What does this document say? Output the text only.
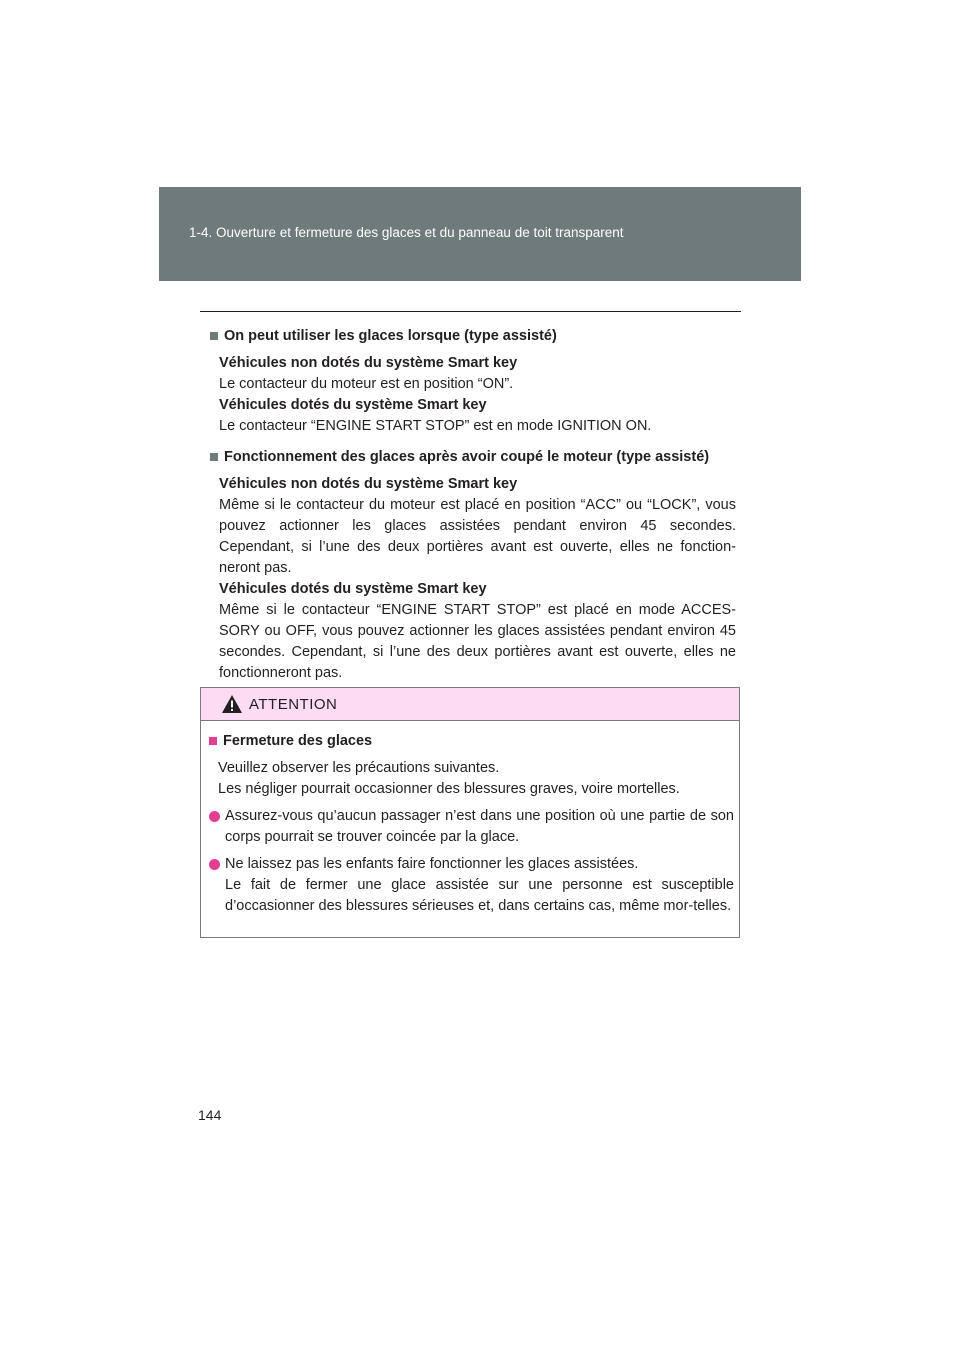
1-4. Ouverture et fermeture des glaces et du panneau de toit transparent
On peut utiliser les glaces lorsque (type assisté)

Véhicules non dotés du système Smart key

Le contacteur du moteur est en position “ON”.

Véhicules dotés du système Smart key

Le contacteur “ENGINE START STOP” est en mode IGNITION ON.

Fonctionnement des glaces après avoir coupé le moteur (type assisté)

Véhicules non dotés du système Smart key

Même si le contacteur du moteur est placé en position “ACC” ou “LOCK”, vous pouvez actionner les glaces assistées pendant environ 45 secondes. Cependant, si l’une des deux portières avant est ouverte, elles ne fonction-neront pas.

Véhicules dotés du système Smart key

Même si le contacteur “ENGINE START STOP” est placé en mode ACCES-SORY ou OFF, vous pouvez actionner les glaces assistées pendant environ 45 secondes. Cependant, si l’une des deux portières avant est ouverte, elles ne fonctionneront pas.

ATTENTION
Fermeture des glaces

Veuillez observer les précautions suivantes.

Les négliger pourrait occasionner des blessures graves, voire mortelles.

Assurez-vous qu’aucun passager n’est dans une position où une partie de son corps pourrait se trouver coincée par la glace.

Ne laissez pas les enfants faire fonctionner les glaces assistées.

Le fait de fermer une glace assistée sur une personne est susceptible d’occasionner des blessures sérieuses et, dans certains cas, même mor-telles.

144
